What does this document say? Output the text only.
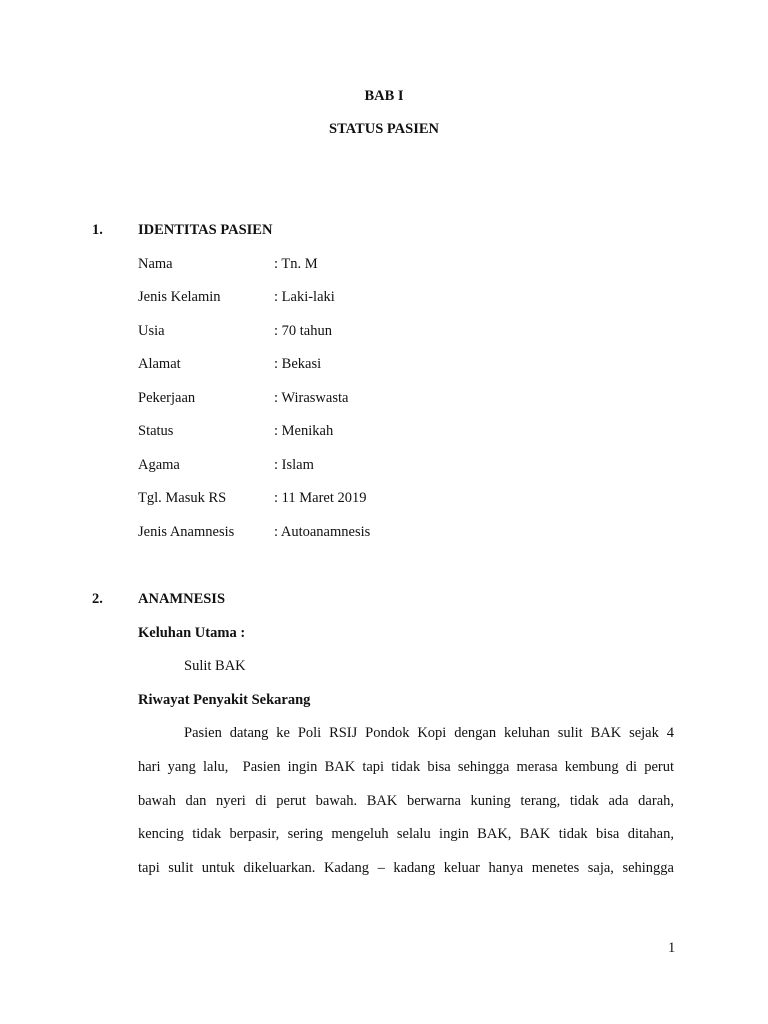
BAB I
STATUS PASIEN
1. IDENTITAS PASIEN
Nama	: Tn. M
Jenis Kelamin	: Laki-laki
Usia	: 70 tahun
Alamat	: Bekasi
Pekerjaan	: Wiraswasta
Status	: Menikah
Agama	: Islam
Tgl. Masuk RS	: 11 Maret 2019
Jenis Anamnesis	: Autoanamnesis
2. ANAMNESIS
Keluhan Utama :
Sulit BAK
Riwayat Penyakit Sekarang
Pasien datang ke Poli RSIJ Pondok Kopi dengan keluhan sulit BAK sejak 4
hari yang lalu,  Pasien ingin BAK tapi tidak bisa sehingga merasa kembung di perut
bawah dan nyeri di perut bawah. BAK berwarna kuning terang, tidak ada darah,
kencing tidak berpasir, sering mengeluh selalu ingin BAK, BAK tidak bisa ditahan,
tapi sulit untuk dikeluarkan. Kadang – kadang keluar hanya menetes saja, sehingga
1
